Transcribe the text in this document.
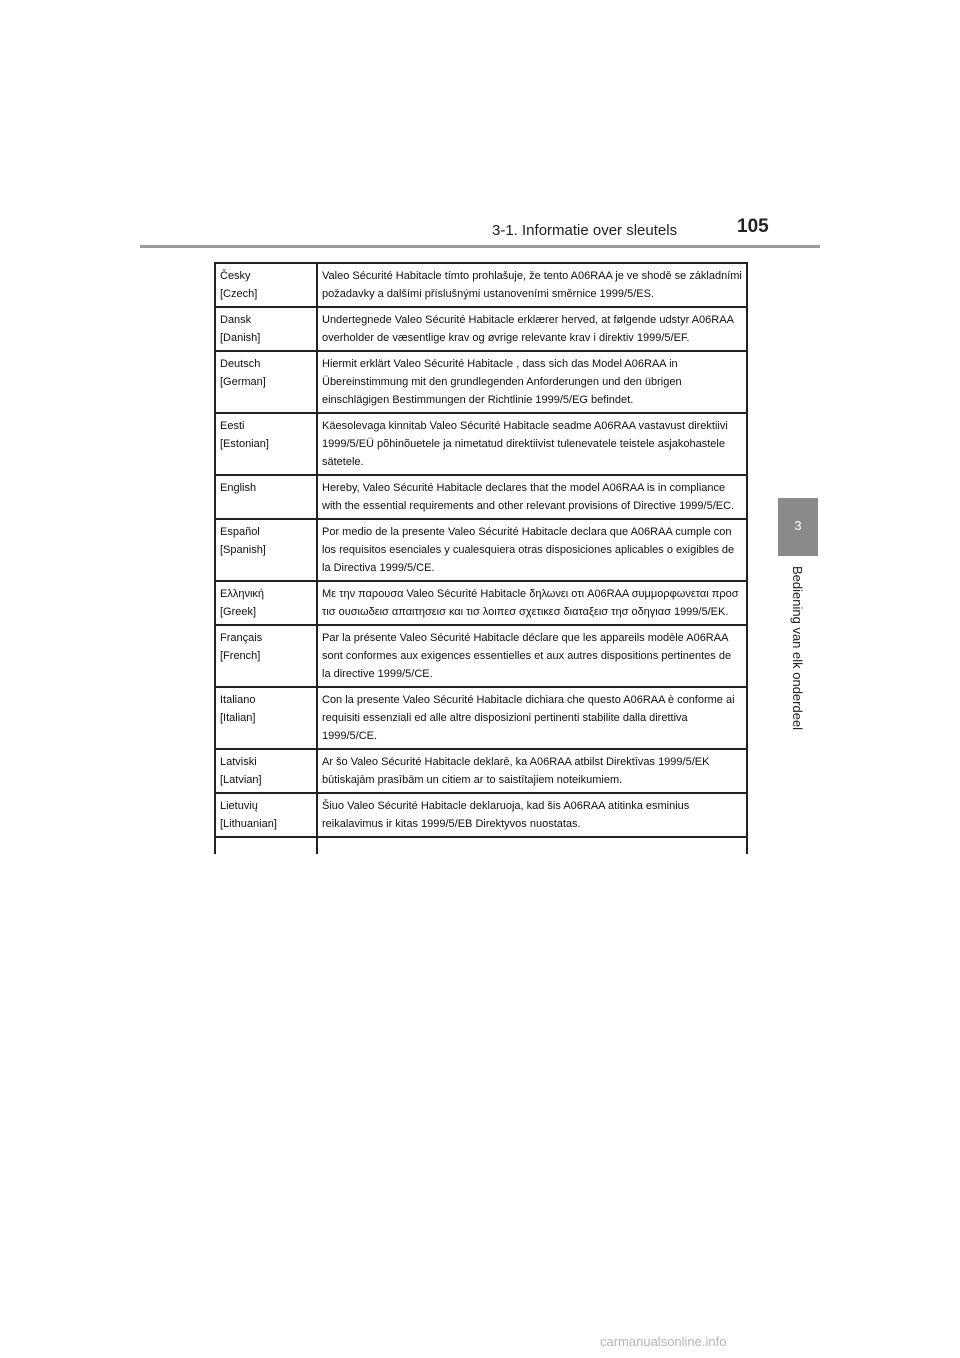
3-1. Informatie over sleutels	105
3
Bediening van elk onderdeel
Česky
[Czech]	Valeo Sécurité Habitacle tímto prohlašuje, že tento A06RAA je ve shodě se základními požadavky a dalšími příslušnými ustanoveními směrnice 1999/5/ES.

Dansk
[Danish]	Undertegnede Valeo Sécurité Habitacle erklærer herved, at følgende udstyr A06RAA overholder de væsentlige krav og øvrige relevante krav i direktiv 1999/5/EF.

Deutsch
[German]	Hiermit erklärt Valeo Sécurité Habitacle , dass sich das Model A06RAA in Übereinstimmung mit den grundlegenden Anforderungen und den übrigen einschlägigen Bestimmungen der Richtlinie 1999/5/EG befindet.

Eesti
[Estonian]	Käesolevaga kinnitab Valeo Sécurité Habitacle seadme A06RAA vastavust direktiivi 1999/5/EÜ põhinõuetele ja nimetatud direktiivist tulenevatele teistele asjakohastele sätetele.

English	Hereby, Valeo Sécurité Habitacle declares that the model A06RAA is in compliance with the essential requirements and other relevant provisions of Directive 1999/5/EC.

Español
[Spanish]	Por medio de la presente Valeo Sécurité Habitacle declara que A06RAA cumple con los requisitos esenciales y cualesquiera otras disposiciones aplicables o exigibles de la Directiva 1999/5/CE.

Ελληνική
[Greek]	Με την παρουσα Valeo Sécurité Habitacle δηλωνει οτι A06RAA συμμορφωνεται προσ τισ ουσιωδεισ απαιτησεισ και τισ λοιπεσ σχετικεσ διαταξεισ τησ οδηγιασ 1999/5/ΕΚ.

Français
[French]	Par la présente Valeo Sécurité Habitacle déclare que les appareils modèle A06RAA sont conformes aux exigences essentielles et aux autres dispositions pertinentes de la directive 1999/5/CE.

Italiano
[Italian]	Con la presente Valeo Sécurité Habitacle dichiara che questo A06RAA è conforme ai requisiti essenziali ed alle altre disposizioni pertinenti stabilite dalla direttiva 1999/5/CE.

Latviski
[Latvian]	Ar šo Valeo Sécurité Habitacle deklarē, ka A06RAA atbilst Direktīvas 1999/5/EK būtiskajām prasībām un citiem ar to saistītajiem noteikumiem.

Lietuvių
[Lithuanian]	Šiuo Valeo Sécurité Habitacle deklaruoja, kad šis A06RAA atitinka esminius reikalavimus ir kitas 1999/5/EB Direktyvos nuostatas.

carmanualsonline.info
